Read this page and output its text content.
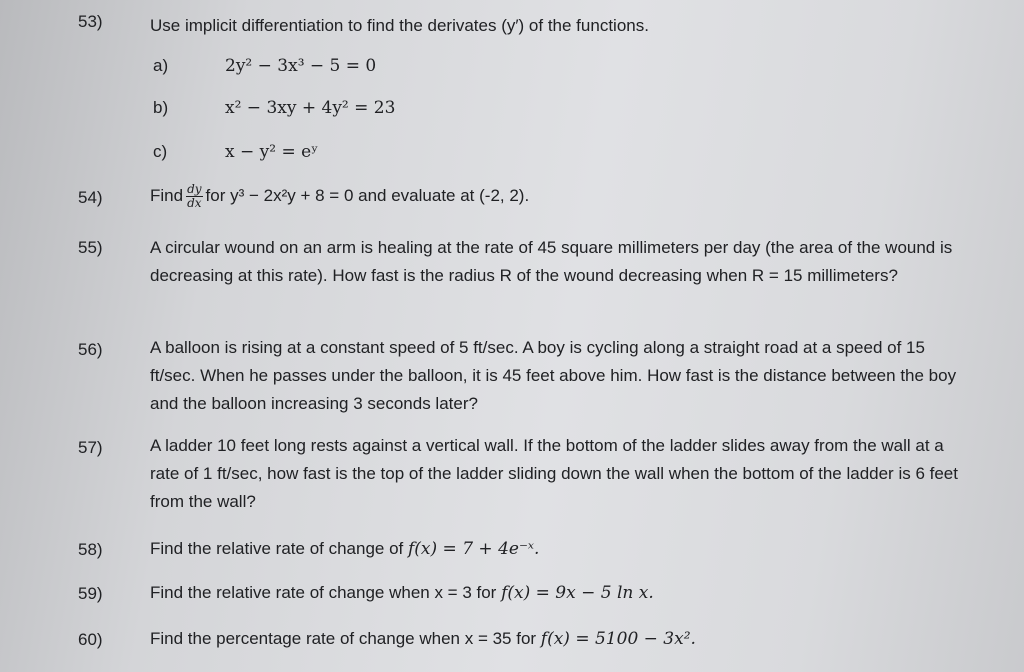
53)	Use implicit differentiation to find the derivates (y′) of the functions.
a)	2y² − 3x³ − 5 = 0
b)	x² − 3xy + 4y² = 23
c)	x − y² = eʸ
54)	Find $\frac{dy}{dx}$ for y³ − 2x²y + 8 = 0 and evaluate at (-2, 2).
55)	A circular wound on an arm is healing at the rate of 45 square millimeters per day (the area of the wound is decreasing at this rate). How fast is the radius R of the wound decreasing when R = 15 millimeters?
56)	A balloon is rising at a constant speed of 5 ft/sec. A boy is cycling along a straight road at a speed of 15 ft/sec. When he passes under the balloon, it is 45 feet above him. How fast is the distance between the boy and the balloon increasing 3 seconds later?
57)	A ladder 10 feet long rests against a vertical wall. If the bottom of the ladder slides away from the wall at a rate of 1 ft/sec, how fast is the top of the ladder sliding down the wall when the bottom of the ladder is 6 feet from the wall?
58)	Find the relative rate of change of f(x) = 7 + 4e⁻ˣ.
59)	Find the relative rate of change when x = 3 for f(x) = 9x − 5 ln x.
60)	Find the percentage rate of change when x = 35 for f(x) = 5100 − 3x².
